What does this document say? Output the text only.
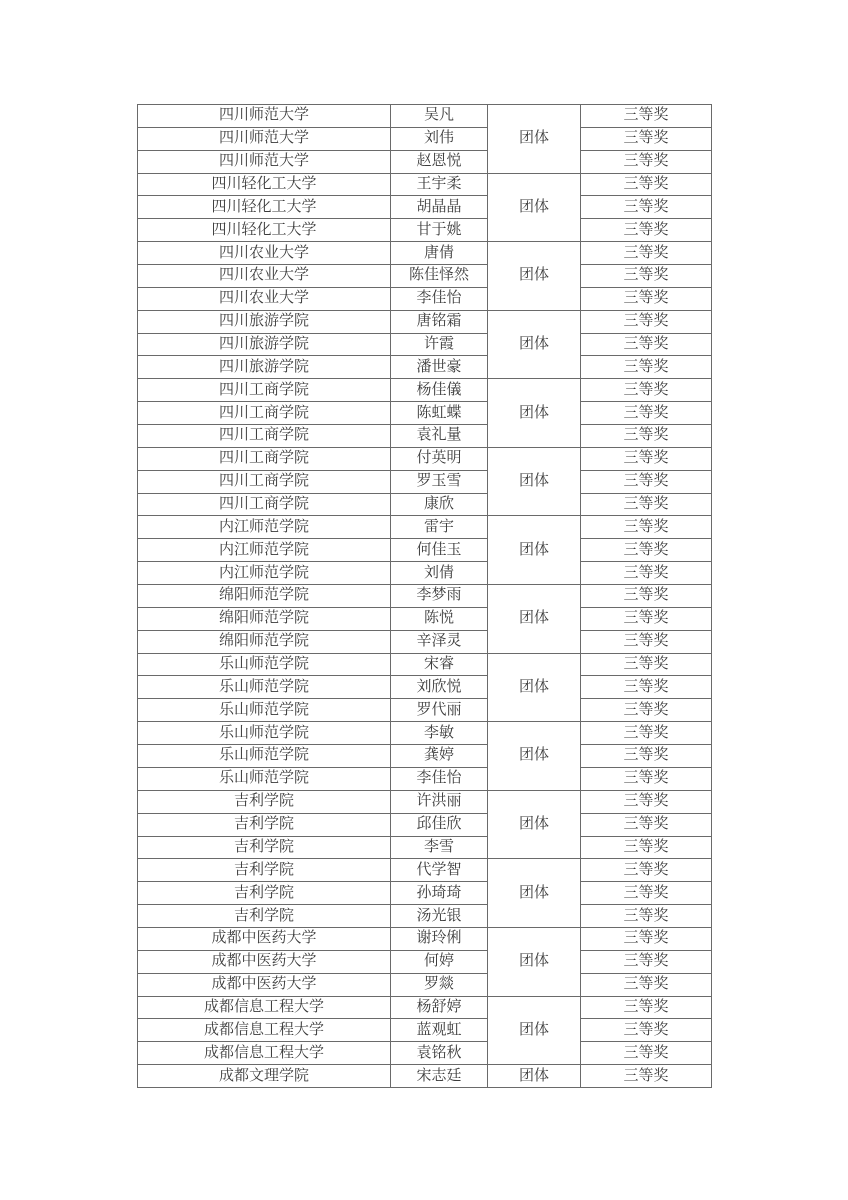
四川师范大学	吴凡	团体	三等奖
四川师范大学	刘伟		三等奖
四川师范大学	赵恩悦		三等奖
四川轻化工大学	王宇柔	团体	三等奖
四川轻化工大学	胡晶晶		三等奖
四川轻化工大学	甘于姚		三等奖
四川农业大学	唐倩	团体	三等奖
四川农业大学	陈佳怿然		三等奖
四川农业大学	李佳怡		三等奖
四川旅游学院	唐铭霜	团体	三等奖
四川旅游学院	许霞		三等奖
四川旅游学院	潘世豪		三等奖
四川工商学院	杨佳儀	团体	三等奖
四川工商学院	陈虹蝶		三等奖
四川工商学院	袁礼量		三等奖
四川工商学院	付英明	团体	三等奖
四川工商学院	罗玉雪		三等奖
四川工商学院	康欣		三等奖
内江师范学院	雷宇	团体	三等奖
内江师范学院	何佳玉		三等奖
内江师范学院	刘倩		三等奖
绵阳师范学院	李梦雨	团体	三等奖
绵阳师范学院	陈悦		三等奖
绵阳师范学院	辛泽灵		三等奖
乐山师范学院	宋睿	团体	三等奖
乐山师范学院	刘欣悦		三等奖
乐山师范学院	罗代丽		三等奖
乐山师范学院	李敏	团体	三等奖
乐山师范学院	龚婷		三等奖
乐山师范学院	李佳怡		三等奖
吉利学院	许洪丽	团体	三等奖
吉利学院	邱佳欣		三等奖
吉利学院	李雪		三等奖
吉利学院	代学智	团体	三等奖
吉利学院	孙琦琦		三等奖
吉利学院	汤光银		三等奖
成都中医药大学	谢玲俐	团体	三等奖
成都中医药大学	何婷		三等奖
成都中医药大学	罗燚		三等奖
成都信息工程大学	杨舒婷	团体	三等奖
成都信息工程大学	蓝观虹		三等奖
成都信息工程大学	袁铭秋		三等奖
成都文理学院	宋志廷	团体	三等奖
